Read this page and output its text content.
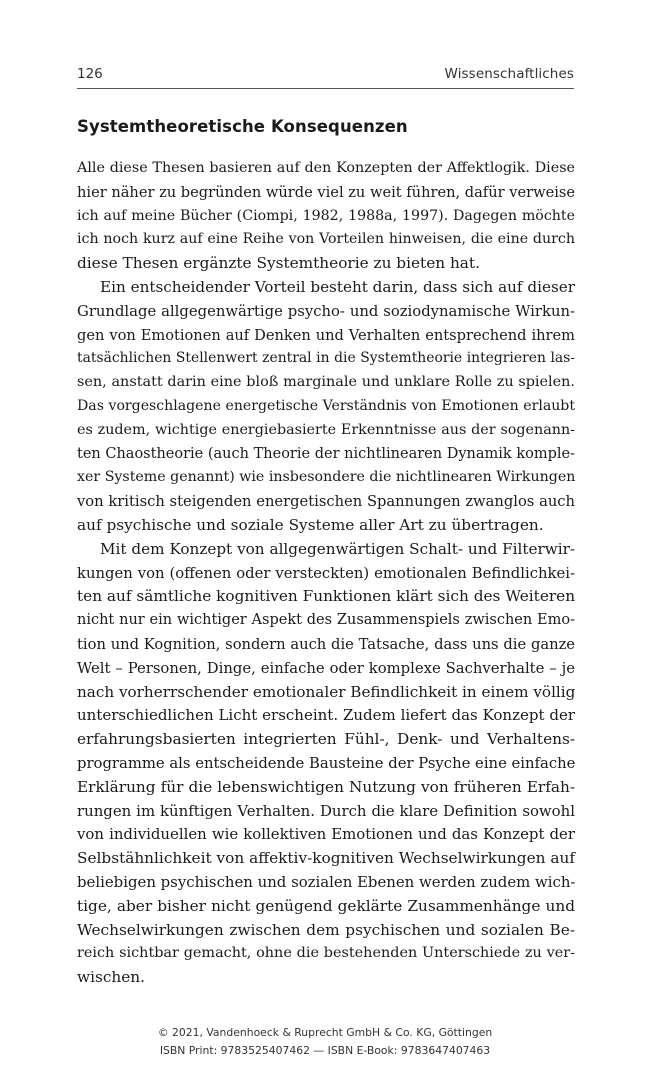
126	Wissenschaftliches
Systemtheoretische Konsequenzen
Alle diese Thesen basieren auf den Konzepten der Affektlogik. Diese
hier näher zu begründen würde viel zu weit führen, dafür verweise
ich auf meine Bücher (Ciompi, 1982, 1988a, 1997). Dagegen möchte
ich noch kurz auf eine Reihe von Vorteilen hinweisen, die eine durch
diese Thesen ergänzte Systemtheorie zu bieten hat.
Ein entscheidender Vorteil besteht darin, dass sich auf dieser
Grundlage allgegenwärtige psycho- und soziodynamische Wirkun-
gen von Emotionen auf Denken und Verhalten entsprechend ihrem
tatsächlichen Stellenwert zentral in die Systemtheorie integrieren las-
sen, anstatt darin eine bloß marginale und unklare Rolle zu spielen.
Das vorgeschlagene energetische Verständnis von Emotionen erlaubt
es zudem, wichtige energiebasierte Erkenntnisse aus der sogenann-
ten Chaostheorie (auch Theorie der nichtlinearen Dynamik komple-
xer Systeme genannt) wie insbesondere die nichtlinearen Wirkungen
von kritisch steigenden energetischen Spannungen zwanglos auch
auf psychische und soziale Systeme aller Art zu übertragen.
Mit dem Konzept von allgegenwärtigen Schalt- und Filterwir-
kungen von (offenen oder versteckten) emotionalen Befindlichkei-
ten auf sämtliche kognitiven Funktionen klärt sich des Weiteren
nicht nur ein wichtiger Aspekt des Zusammenspiels zwischen Emo-
tion und Kognition, sondern auch die Tatsache, dass uns die ganze
Welt – Personen, Dinge, einfache oder komplexe Sachverhalte – je
nach vorherrschender emotionaler Befindlichkeit in einem völlig
unterschiedlichen Licht erscheint. Zudem liefert das Konzept der
erfahrungsbasierten integrierten Fühl-, Denk- und Verhaltens-
programme als entscheidende Bausteine der Psyche eine einfache
Erklärung für die lebenswichtigen Nutzung von früheren Erfah-
rungen im künftigen Verhalten. Durch die klare Definition sowohl
von individuellen wie kollektiven Emotionen und das Konzept der
Selbstähnlichkeit von affektiv-kognitiven Wechselwirkungen auf
beliebigen psychischen und sozialen Ebenen werden zudem wich-
tige, aber bisher nicht genügend geklärte Zusammenhänge und
Wechselwirkungen zwischen dem psychischen und sozialen Be-
reich sichtbar gemacht, ohne die bestehenden Unterschiede zu ver-
wischen.
© 2021, Vandenhoeck & Ruprecht GmbH & Co. KG, Göttingen
ISBN Print: 9783525407462 — ISBN E-Book: 9783647407463
